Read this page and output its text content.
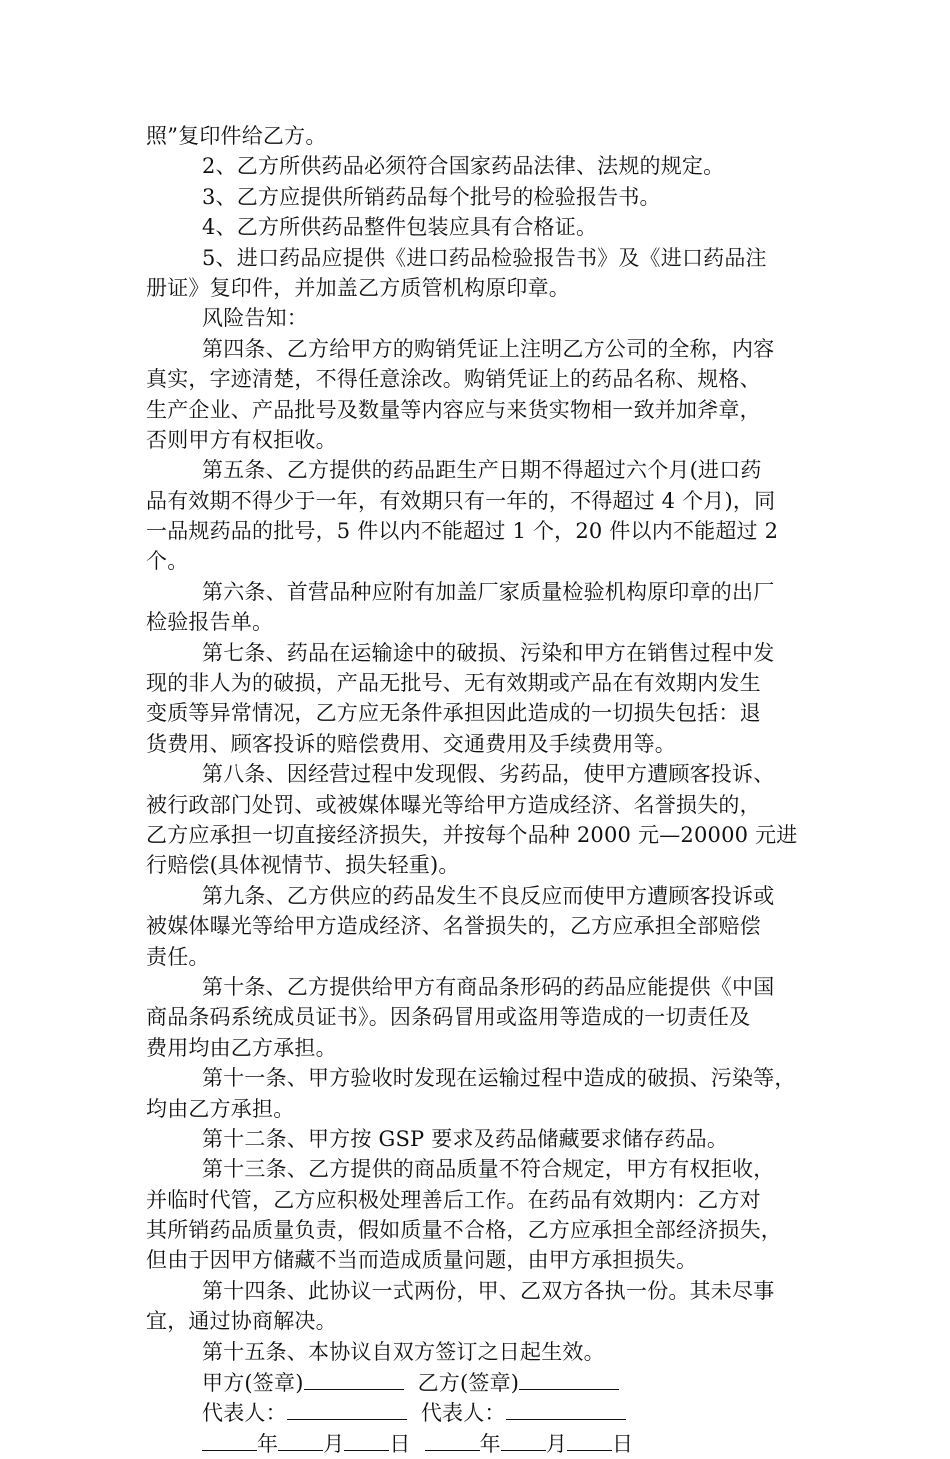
照”复印件给乙方。
2、乙方所供药品必须符合国家药品法律、法规的规定。
3、乙方应提供所销药品每个批号的检验报告书。
4、乙方所供药品整件包装应具有合格证。
5、进口药品应提供《进口药品检验报告书》及《进口药品注
册证》复印件，并加盖乙方质管机构原印章。
风险告知：
第四条、乙方给甲方的购销凭证上注明乙方公司的全称，内容
真实，字迹清楚，不得任意涂改。购销凭证上的药品名称、规格、
生产企业、产品批号及数量等内容应与来货实物相一致并加斧章，
否则甲方有权拒收。
第五条、乙方提供的药品距生产日期不得超过六个月(进口药
品有效期不得少于一年，有效期只有一年的，不得超过 4 个月)，同
一品规药品的批号，5 件以内不能超过 1 个，20 件以内不能超过 2
个。
第六条、首营品种应附有加盖厂家质量检验机构原印章的出厂
检验报告单。
第七条、药品在运输途中的破损、污染和甲方在销售过程中发
现的非人为的破损，产品无批号、无有效期或产品在有效期内发生
变质等异常情况，乙方应无条件承担因此造成的一切损失包括：退
货费用、顾客投诉的赔偿费用、交通费用及手续费用等。
第八条、因经营过程中发现假、劣药品，使甲方遭顾客投诉、
被行政部门处罚、或被媒体曝光等给甲方造成经济、名誉损失的，
乙方应承担一切直接经济损失，并按每个品种 2000 元—20000 元进
行赔偿(具体视情节、损失轻重)。
第九条、乙方供应的药品发生不良反应而使甲方遭顾客投诉或
被媒体曝光等给甲方造成经济、名誉损失的，乙方应承担全部赔偿
责任。
第十条、乙方提供给甲方有商品条形码的药品应能提供《中国
商品条码系统成员证书》。因条码冒用或盗用等造成的一切责任及
费用均由乙方承担。
第十一条、甲方验收时发现在运输过程中造成的破损、污染等，
均由乙方承担。
第十二条、甲方按 GSP 要求及药品储藏要求储存药品。
第十三条、乙方提供的商品质量不符合规定，甲方有权拒收，
并临时代管，乙方应积极处理善后工作。在药品有效期内：乙方对
其所销药品质量负责，假如质量不合格，乙方应承担全部经济损失，
但由于因甲方储藏不当而造成质量问题，由甲方承担损失。
第十四条、此协议一式两份，甲、乙双方各执一份。其未尽事
宜，通过协商解决。
第十五条、本协议自双方签订之日起生效。
甲方(签章)	乙方(签章)
代表人：	代表人：
年 月 日	年 月 日
